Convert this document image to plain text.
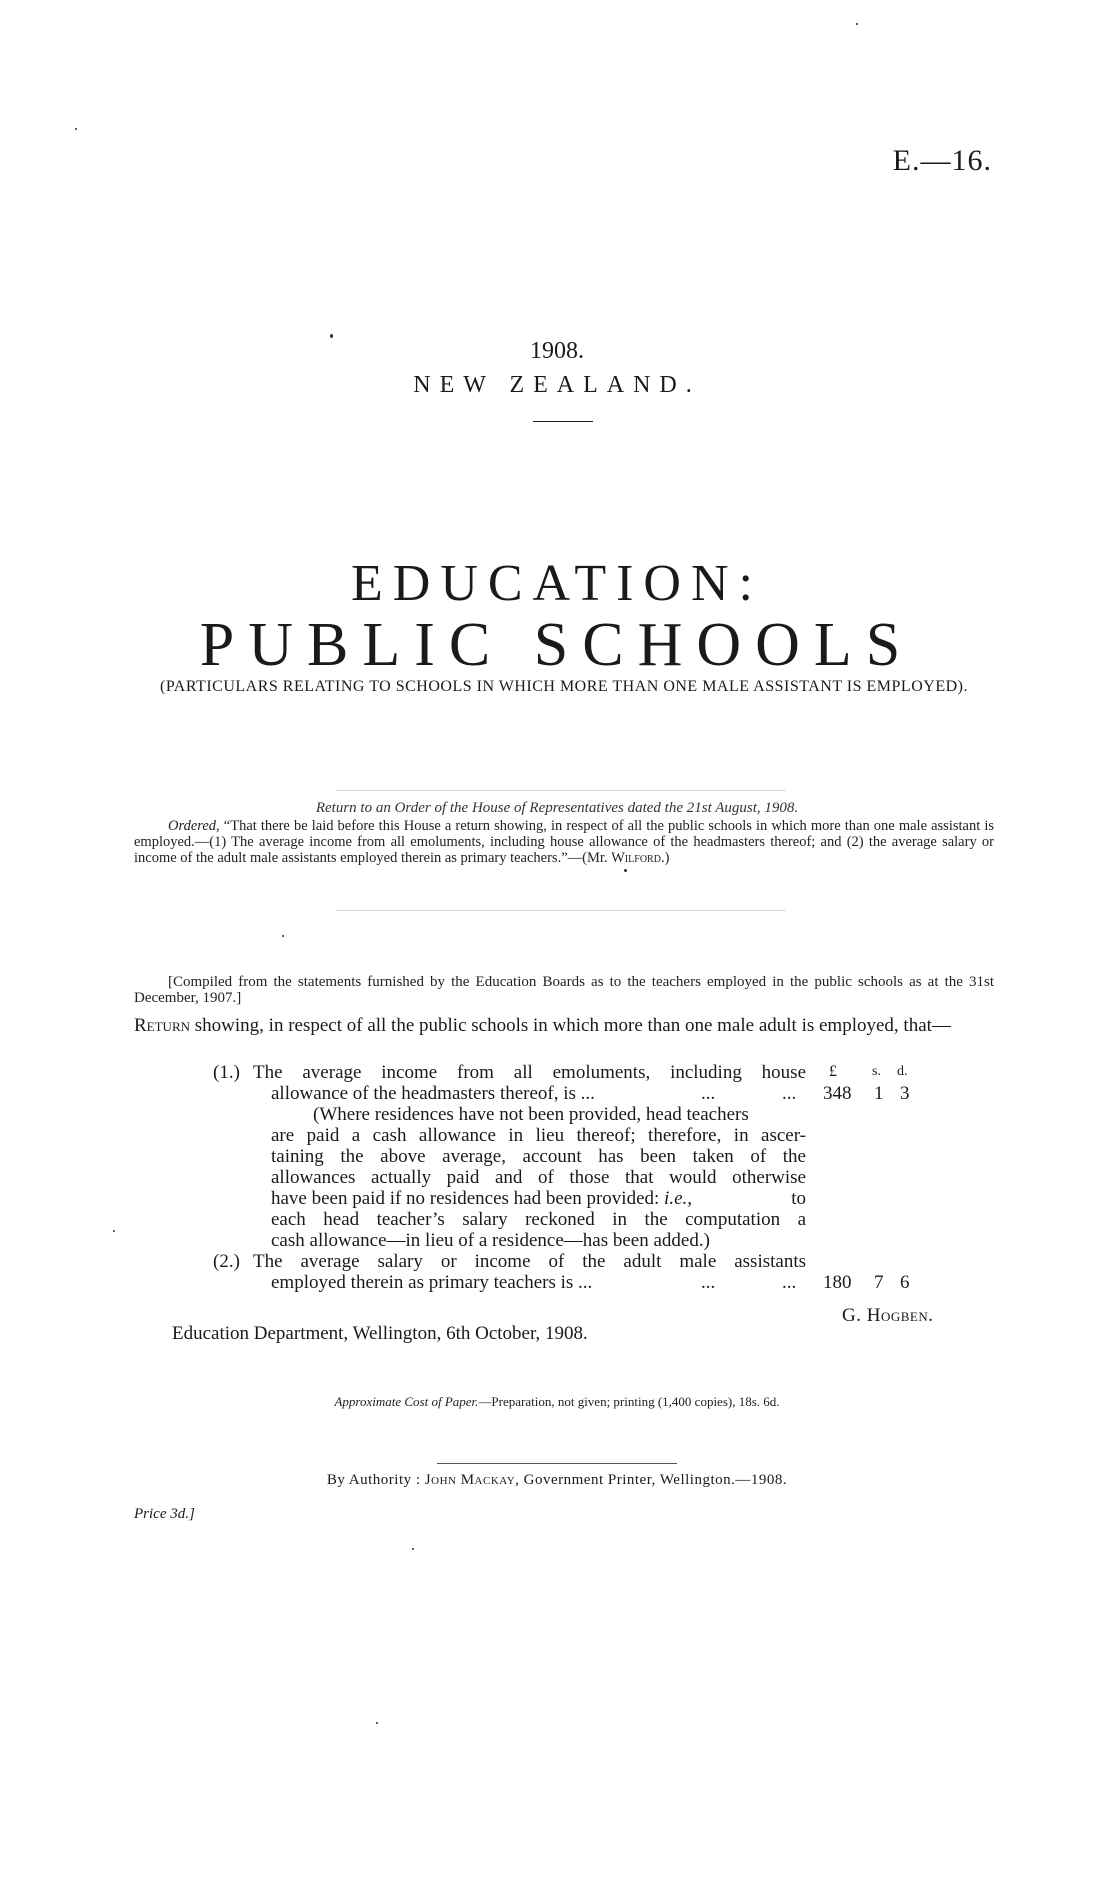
E.—16.
1908.
NEW ZEALAND.
EDUCATION:
PUBLIC SCHOOLS
(PARTICULARS RELATING TO SCHOOLS IN WHICH MORE THAN ONE MALE ASSISTANT IS EMPLOYED).
Return to an Order of the House of Representatives dated the 21st August, 1908.
Ordered, “That there be laid before this House a return showing, in respect of all the public schools in which more than one male assistant is employed.—(1) The average income from all emoluments, including house allowance of the headmasters thereof; and (2) the average salary or income of the adult male assistants employed therein as primary teachers.”—(Mr. Wilford.)
[Compiled from the statements furnished by the Education Boards as to the teachers employed in the public schools as at the 31st December, 1907.]
Return showing, in respect of all the public schools in which more than one male adult is employed, that—
£	s. d.
(1.) The average income from all emoluments, including house
allowance of the headmasters thereof, is ...	...	... 348 1 3
(Where residences have not been provided, head teachers
are paid a cash allowance in lieu thereof; therefore, in ascer-
taining the above average, account has been taken of the
allowances actually paid and of those that would otherwise
have been paid if no residences had been provided: i.e.,	to
each head teacher’s salary reckoned in the computation a
cash allowance—in lieu of a residence—has been added.)
(2.) The average salary or income of the adult male assistants
employed therein as primary teachers is ...	...	... 180 7 6
G. Hogben.
Education Department, Wellington, 6th October, 1908.
Approximate Cost of Paper.—Preparation, not given; printing (1,400 copies), 18s. 6d.
By Authority : John Mackay, Government Printer, Wellington.—1908.
Price 3d.]
